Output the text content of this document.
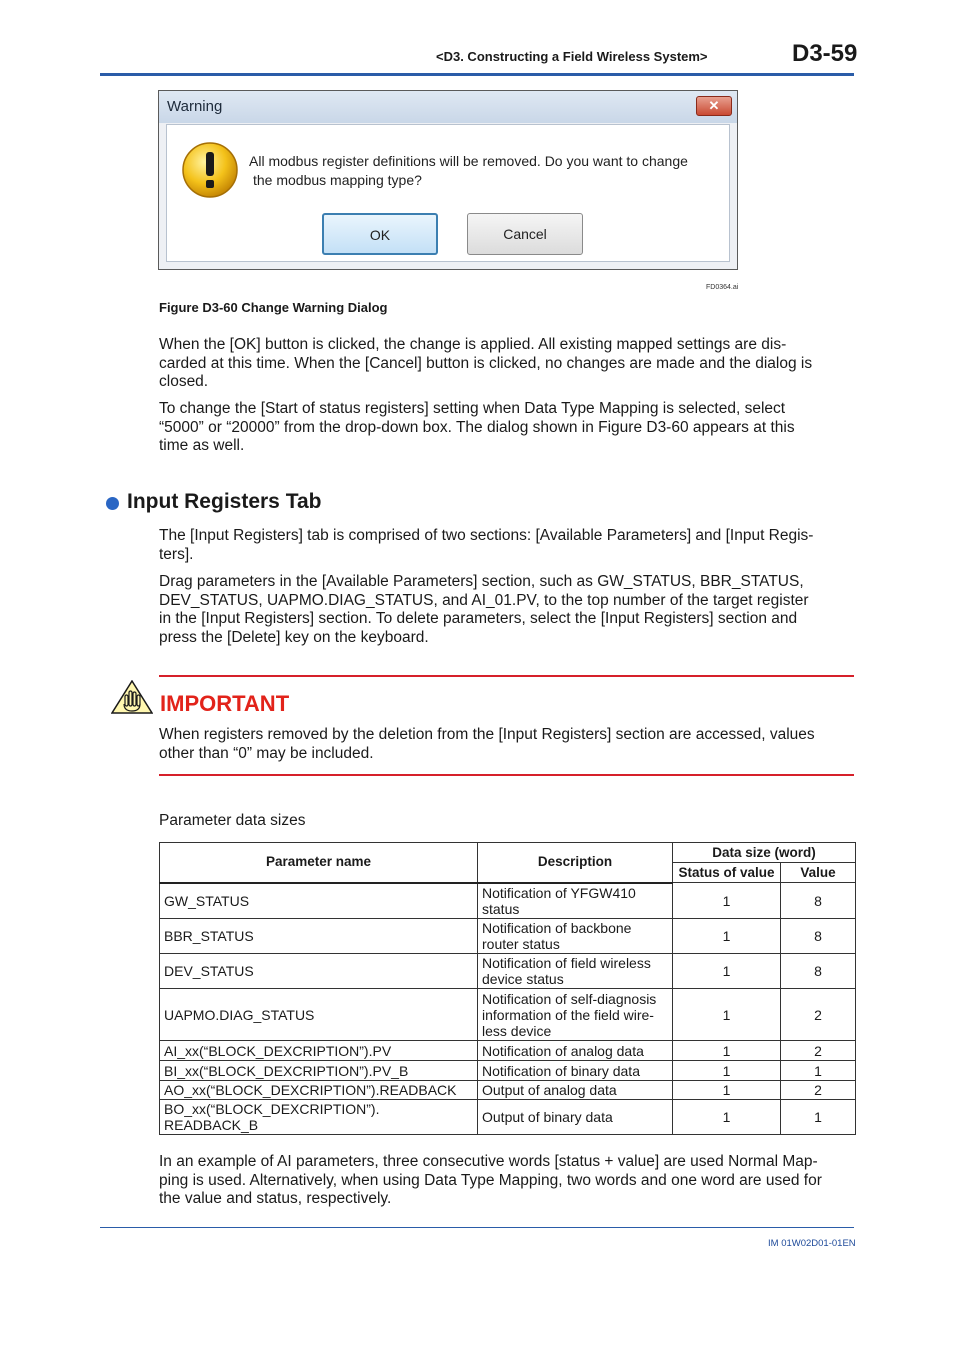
<D3. Constructing a Field Wireless System>	D3-59
Warning	✕
All modbus register definitions will be removed. Do you want to change
the modbus mapping type?
OK	Cancel
FD0364.ai
Figure D3-60 Change Warning Dialog
When the [OK] button is clicked, the change is applied. All existing mapped settings are dis-
carded at this time. When the [Cancel] button is clicked, no changes are made and the dialog is
closed.
To change the [Start of status registers] setting when Data Type Mapping is selected, select
“5000” or “20000” from the drop-down box. The dialog shown in Figure D3-60 appears at this
time as well.
Input Registers Tab
The [Input Registers] tab is comprised of two sections: [Available Parameters] and [Input Regis-
ters].
Drag parameters in the [Available Parameters] section, such as GW_STATUS, BBR_STATUS,
DEV_STATUS, UAPMO.DIAG_STATUS, and AI_01.PV, to the top number of the target register
in the [Input Registers] section. To delete parameters, select the [Input Registers] section and
press the [Delete] key on the keyboard.
IMPORTANT
When registers removed by the deletion from the [Input Registers] section are accessed, values
other than “0” may be included.
Parameter data sizes
Parameter name	Description	Data size (word)	
		Status of value	Value

GW_STATUS	Notification of YFGW410
status	1	8

BBR_STATUS	Notification of backbone
router status	1	8

DEV_STATUS	Notification of field wireless
device status	1	8

UAPMO.DIAG_STATUS	Notification of self-diagnosis
information of the field wire-
less device	1	2

AI_xx(“BLOCK_DEXCRIPTION”).PV	Notification of analog data	1	2

BI_xx(“BLOCK_DEXCRIPTION”).PV_B	Notification of binary data	1	1

AO_xx(“BLOCK_DEXCRIPTION”).READBACK	Output of analog data	1	2

BO_xx(“BLOCK_DEXCRIPTION”).
READBACK_B	Output of binary data	1	1
In an example of AI parameters, three consecutive words [status + value] are used Normal Map-
ping is used. Alternatively, when using Data Type Mapping, two words and one word are used for
the value and status, respectively.
IM 01W02D01-01EN
